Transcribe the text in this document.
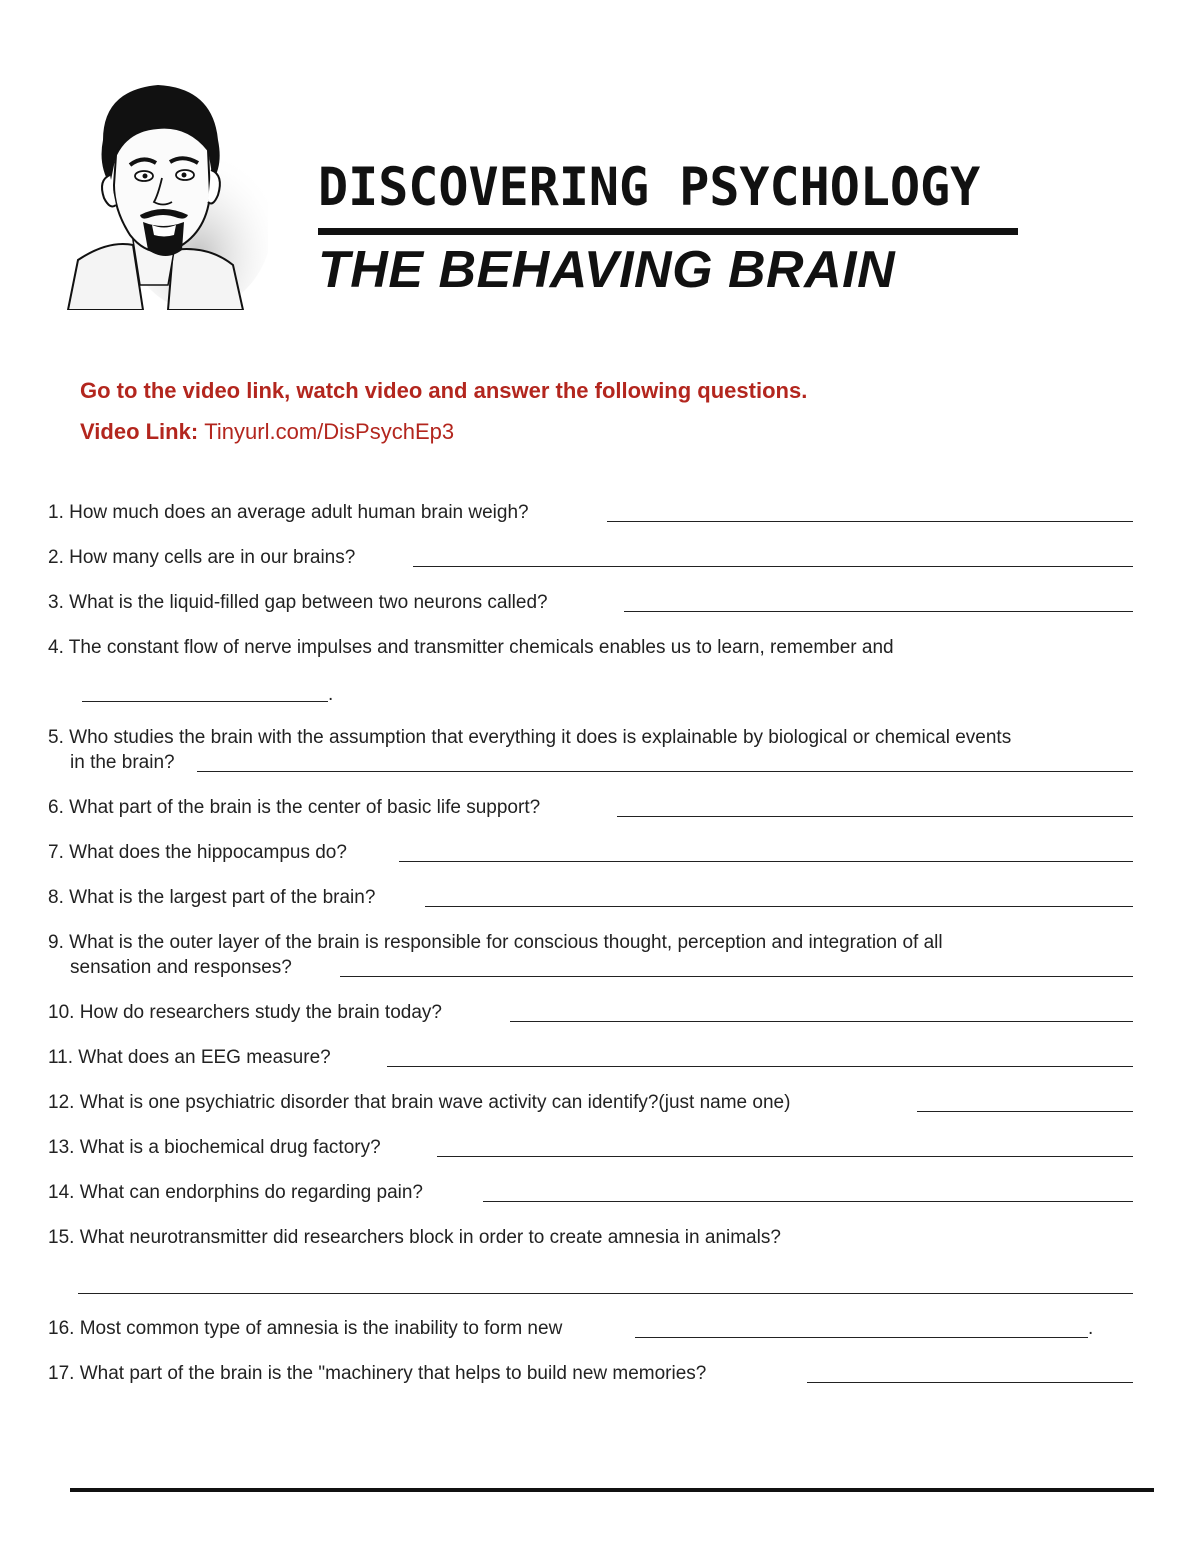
DISCOVERING PSYCHOLOGY
THE BEHAVING BRAIN
Go to the video link, watch video and answer the following questions. Video Link: Tinyurl.com/DisPsychEp3
1. How much does an average adult human brain weigh?
2. How many cells are in our brains?
3. What is the liquid-filled gap between two neurons called?
4. The constant flow of nerve impulses and transmitter chemicals enables us to learn, remember and
.
5. Who studies the brain with the assumption that everything it does is explainable by biological or chemical events
in the brain?
6. What part of the brain is the center of basic life support?
7. What does the hippocampus do?
8. What is the largest part of the brain?
9. What is the outer layer of the brain is responsible for conscious thought, perception and integration of all
sensation and responses?
10. How do researchers study the brain today?
11. What does an EEG measure?
12. What is one psychiatric disorder that brain wave activity can identify?(just name one)
13. What is a biochemical drug factory?
14. What can endorphins do regarding pain?
15. What neurotransmitter did researchers block in order to create amnesia in animals?
16. Most common type of amnesia is the inability to form new	.
17. What part of the brain is the "machinery that helps to build new memories?
